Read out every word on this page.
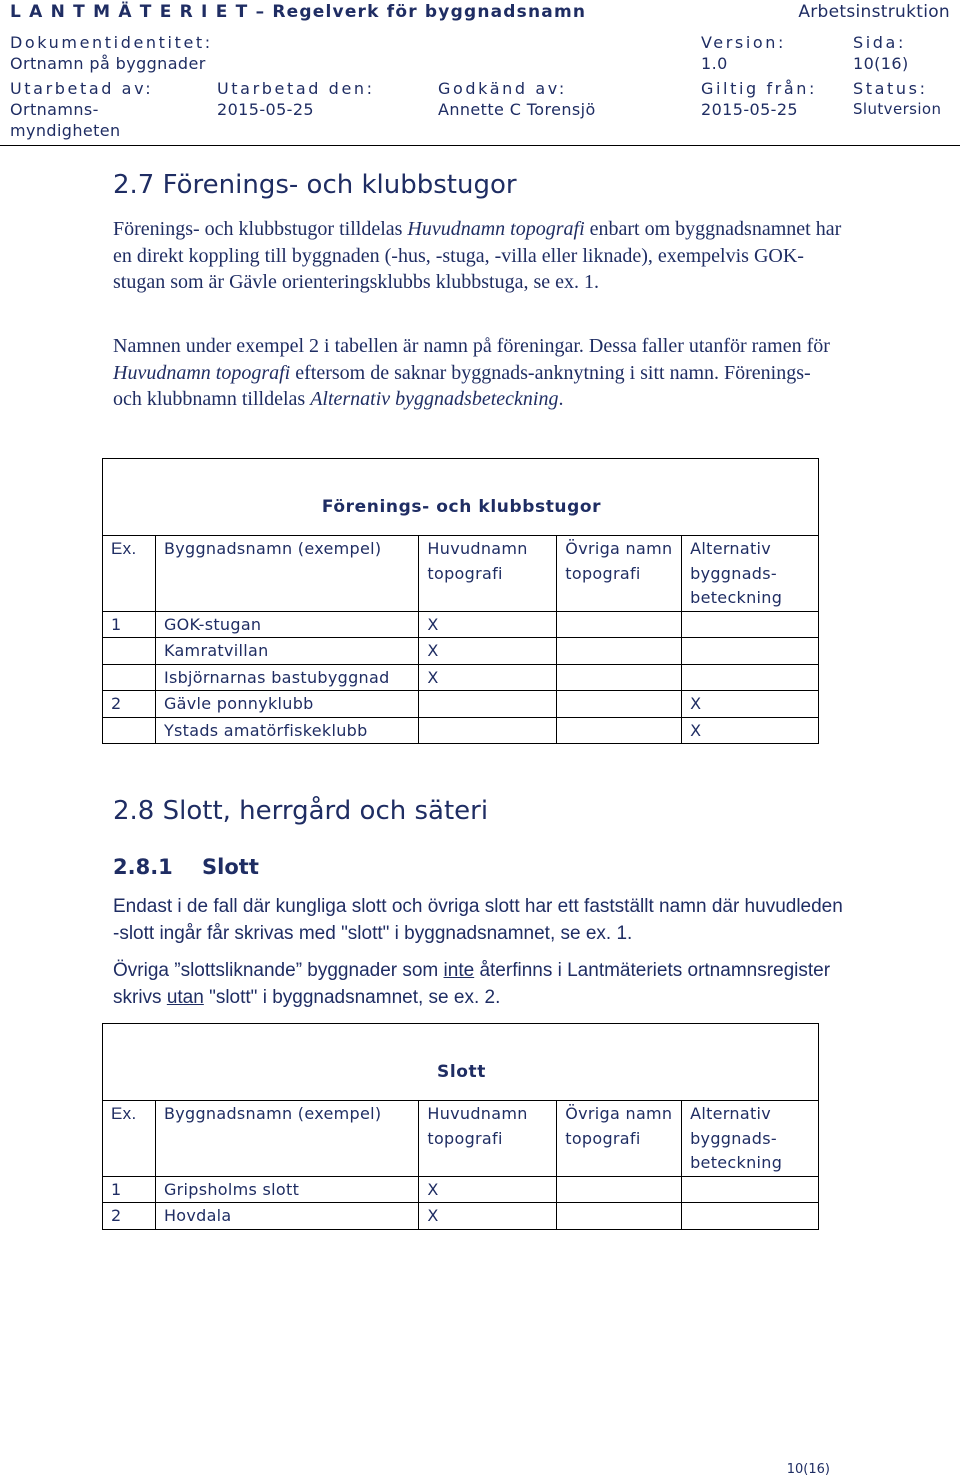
L A N T M Ä T E R I E T – Regelverk för byggnadsnamn	Arbetsinstruktion
Dokumentidentitet:
Ortnamn på byggnader
Version:
1.0
Sida:
10(16)
Utarbetad av:
Ortnamns-
myndigheten
Utarbetad den:
2015-05-25
Godkänd av:
Annette C Torensjö
Giltig från:
2015-05-25
Status:
Slutversion
2.7 Förenings- och klubbstugor
Förenings- och klubbstugor tilldelas Huvudnamn topografi enbart om byggnadsnamnet har en direkt koppling till byggnaden (-hus, -stuga, -villa eller liknade), exempelvis GOK-stugan som är Gävle orienteringsklubbs klubbstuga, se ex. 1.
Namnen under exempel 2 i tabellen är namn på föreningar. Dessa faller utanför ramen för Huvudnamn topografi eftersom de saknar byggnads-anknytning i sitt namn. Förenings- och klubbnamn tilldelas Alternativ byggnadsbeteckning.
Förenings- och klubbstugor				
Ex.	Byggnadsnamn (exempel)	Huvudnamn topografi	Övriga namn topografi	Alternativ byggnads-beteckning
1	GOK-stugan	X		
	Kamratvillan	X		
	Isbjörnarnas bastubyggnad	X		
2	Gävle ponnyklubb			X
	Ystads amatörfiskeklubb			X
2.8 Slott, herrgård och säteri
2.8.1    Slott
Endast i de fall där kungliga slott och övriga slott har ett fastställt namn där huvudleden -slott ingår får skrivas med "slott" i byggnadsnamnet, se ex. 1.
Övriga ”slottsliknande” byggnader som inte återfinns i Lantmäteriets ortnamnsregister skrivs utan "slott" i byggnadsnamnet, se ex. 2.
Slott				
Ex.	Byggnadsnamn (exempel)	Huvudnamn topografi	Övriga namn topografi	Alternativ byggnads-beteckning
1	Gripsholms slott	X		
2	Hovdala	X		
10(16)
